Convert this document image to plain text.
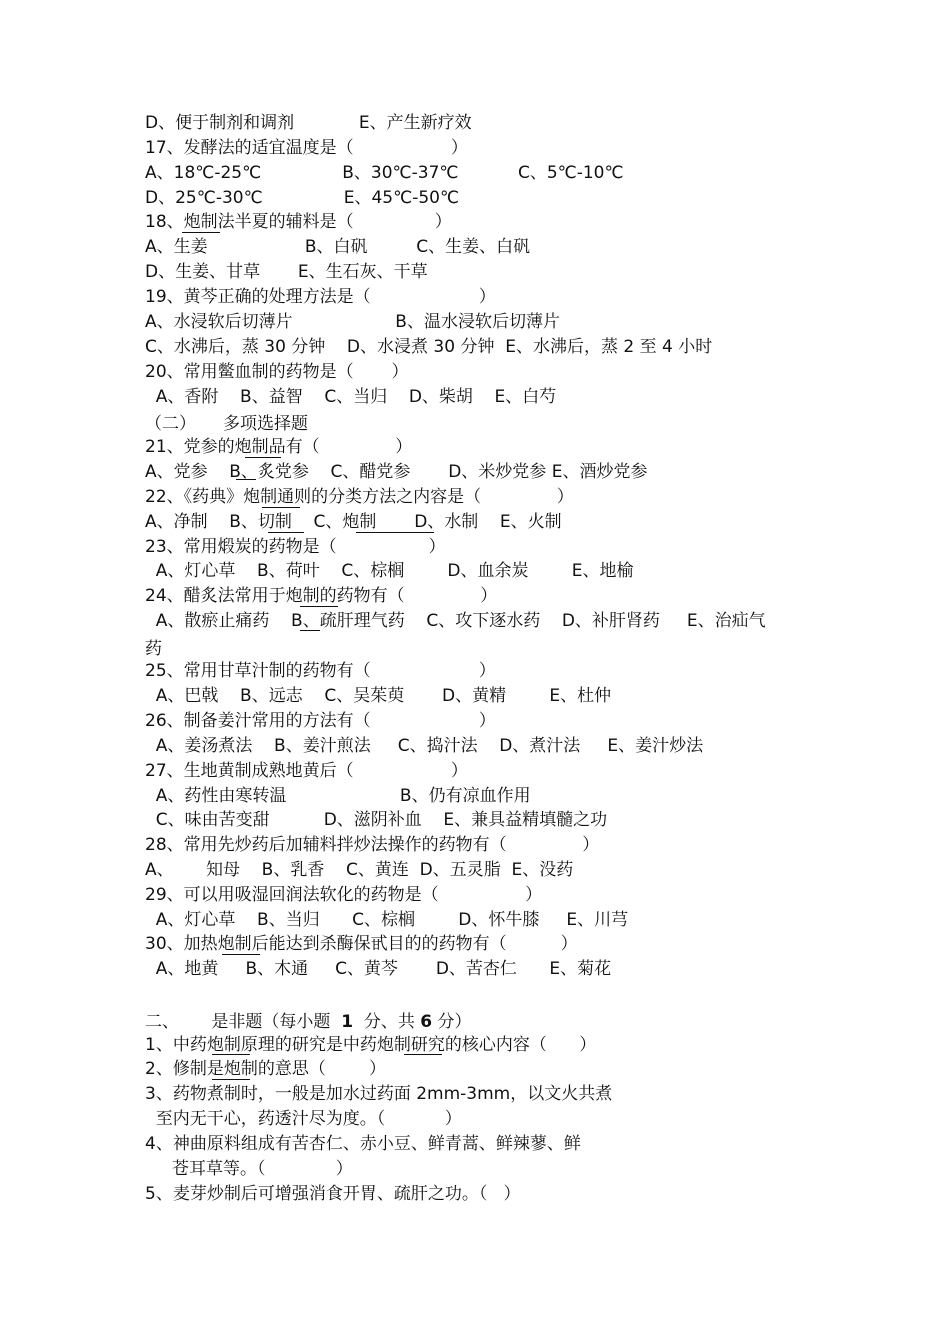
D、便于制剂和调剂            E、产生新疗效
17、发酵法的适宜温度是（                  ）
A、18℃-25℃               B、30℃-37℃           C、5℃-10℃
D、25℃-30℃               E、45℃-50℃
18、炮制法半夏的辅料是（               ）
A、生姜                  B、白矾         C、生姜、白矾
D、生姜、甘草       E、生石灰、干草
19、黄芩正确的处理方法是（                    ）
A、水浸软后切薄片                   B、温水浸软后切薄片
C、水沸后，蒸 30 分钟    D、水浸煮 30 分钟  E、水沸后，蒸 2 至 4 小时
20、常用鳖血制的药物是（       ）
A、香附    B、益智    C、当归    D、柴胡    E、白芍
（二）     多项选择题
21、党参的炮制品有（              ）
A、党参    B、炙党参    C、醋党参       D、米炒党参 E、酒炒党参
22、《药典》炮制通则的分类方法之内容是（              ）
A、净制    B、切制    C、炮制       D、水制    E、火制
23、常用煅炭的药物是（                 ）
A、灯心草    B、荷叶    C、棕榈        D、血余炭        E、地榆
24、醋炙法常用于炮制的药物有（              ）
A、散瘀止痛药    B、疏肝理气药    C、攻下逐水药    D、补肝肾药     E、治疝气
药
25、常用甘草汁制的药物有（                    ）
A、巴戟    B、远志    C、吴茱萸       D、黄精        E、杜仲
26、制备姜汁常用的方法有（                    ）
A、姜汤煮法    B、姜汁煎法     C、捣汁法    D、煮汁法     E、姜汁炒法
27、生地黄制成熟地黄后（                  ）
A、药性由寒转温                     B、仍有凉血作用
C、味由苦变甜          D、滋阴补血    E、兼具益精填髓之功
28、常用先炒药后加辅料拌炒法操作的药物有（              ）
A、      知母    B、乳香    C、黄连  D、五灵脂  E、没药
29、可以用吸湿回润法软化的药物是（                ）
A、灯心草    B、当归      C、棕榈        D、怀牛膝     E、川芎
30、加热炮制后能达到杀酶保甙目的的药物有（          ）
A、地黄     B、木通     C、黄芩       D、苦杏仁      E、菊花
二、      是非题（每小题  1  分、共 6 分）
1、中药炮制原理的研究是中药炮制研究的核心内容（      ）
2、修制是炮制的意思（        ）
3、药物煮制时，一般是加水过药面 2mm-3mm，以文火共煮
至内无干心，药透汁尽为度。（           ）
4、神曲原料组成有苦杏仁、赤小豆、鲜青蒿、鲜辣蓼、鲜
苍耳草等。（             ）
5、麦芽炒制后可增强消食开胃、疏肝之功。（   ）
